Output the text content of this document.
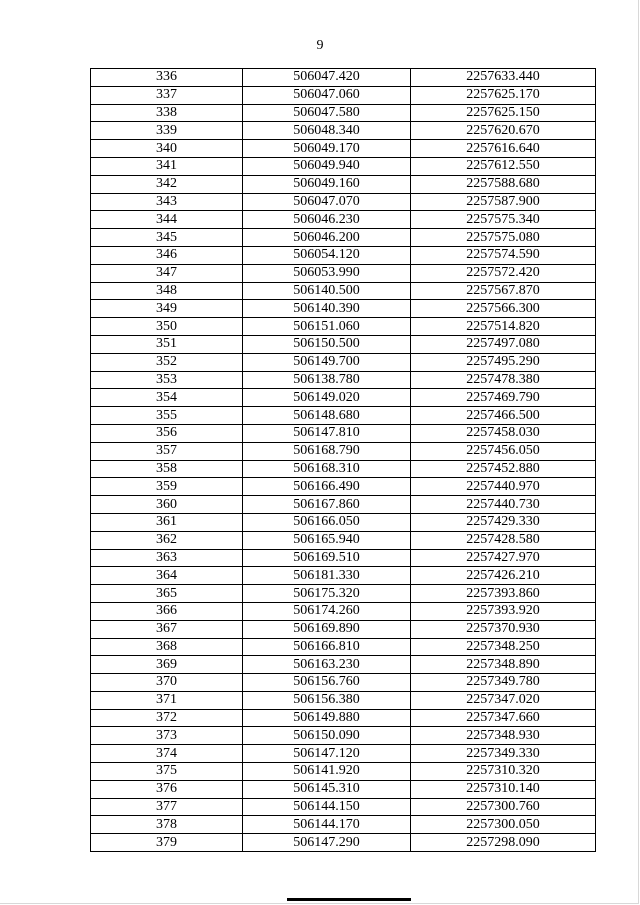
9
336	506047.420	2257633.440
337	506047.060	2257625.170
338	506047.580	2257625.150
339	506048.340	2257620.670
340	506049.170	2257616.640
341	506049.940	2257612.550
342	506049.160	2257588.680
343	506047.070	2257587.900
344	506046.230	2257575.340
345	506046.200	2257575.080
346	506054.120	2257574.590
347	506053.990	2257572.420
348	506140.500	2257567.870
349	506140.390	2257566.300
350	506151.060	2257514.820
351	506150.500	2257497.080
352	506149.700	2257495.290
353	506138.780	2257478.380
354	506149.020	2257469.790
355	506148.680	2257466.500
356	506147.810	2257458.030
357	506168.790	2257456.050
358	506168.310	2257452.880
359	506166.490	2257440.970
360	506167.860	2257440.730
361	506166.050	2257429.330
362	506165.940	2257428.580
363	506169.510	2257427.970
364	506181.330	2257426.210
365	506175.320	2257393.860
366	506174.260	2257393.920
367	506169.890	2257370.930
368	506166.810	2257348.250
369	506163.230	2257348.890
370	506156.760	2257349.780
371	506156.380	2257347.020
372	506149.880	2257347.660
373	506150.090	2257348.930
374	506147.120	2257349.330
375	506141.920	2257310.320
376	506145.310	2257310.140
377	506144.150	2257300.760
378	506144.170	2257300.050
379	506147.290	2257298.090
